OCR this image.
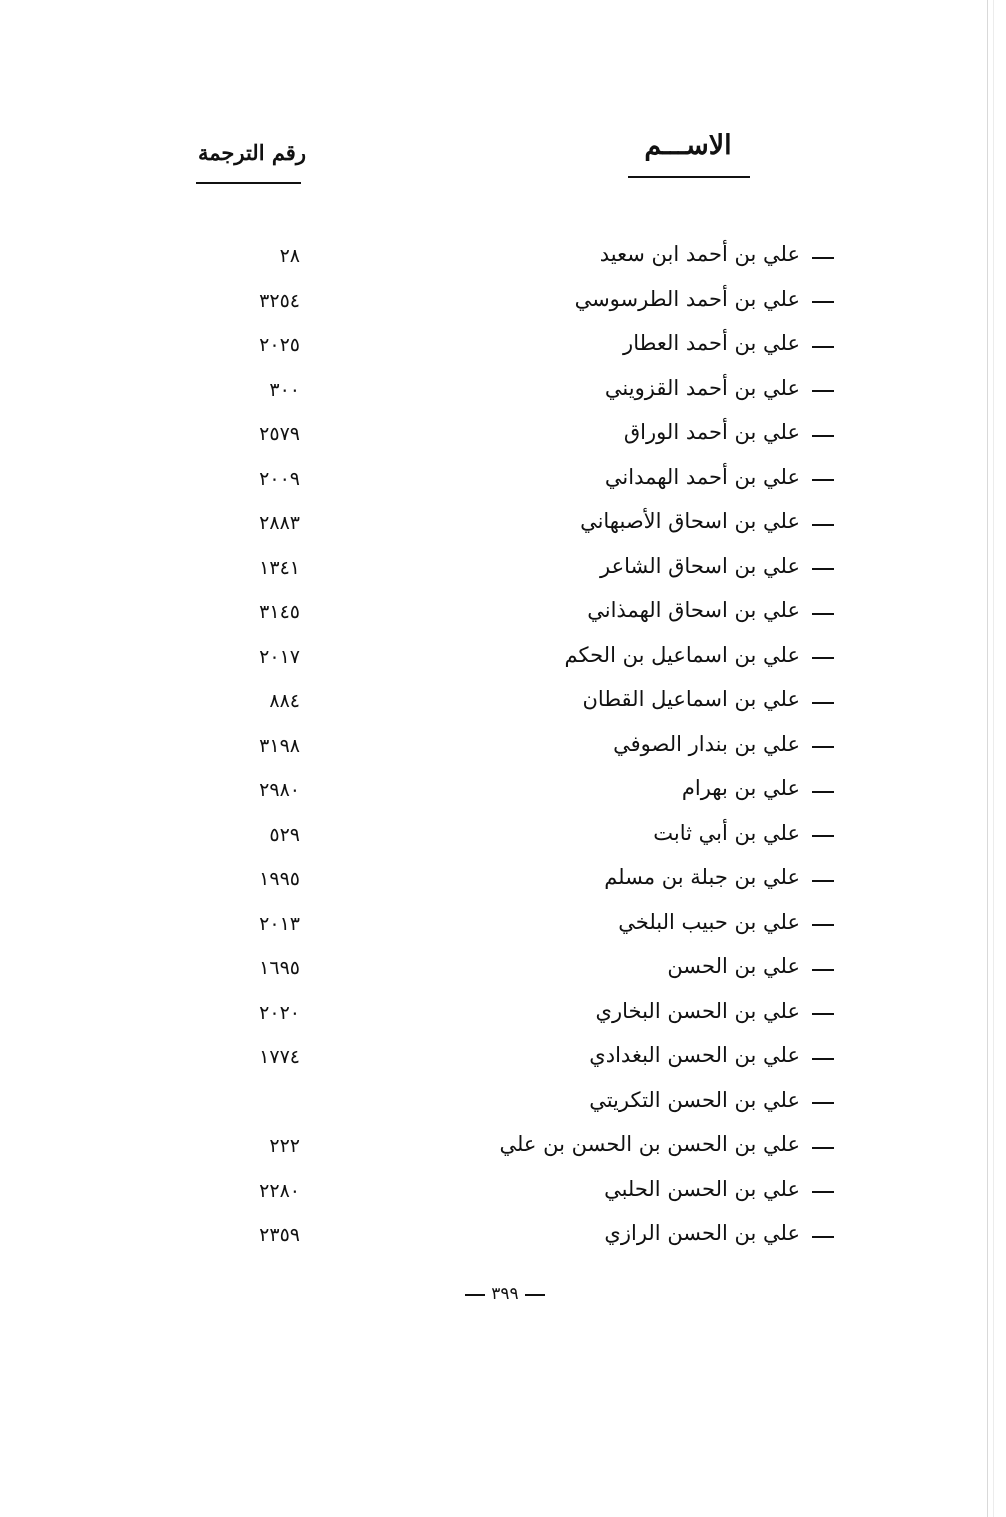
الاســـم
رقم الترجمة
علي بن أحمد ابن سعيد
٢٨
علي بن أحمد الطرسوسي
٣٢٥٤
علي بن أحمد العطار
٢٠٢٥
علي بن أحمد القزويني
٣٠٠
علي بن أحمد الوراق
٢٥٧٩
علي بن أحمد الهمداني
٢٠٠٩
علي بن اسحاق الأصبهاني
٢٨٨٣
علي بن اسحاق الشاعر
١٣٤١
علي بن اسحاق الهمذاني
٣١٤٥
علي بن اسماعيل بن الحكم
٢٠١٧
علي بن اسماعيل القطان
٨٨٤
علي بن بندار الصوفي
٣١٩٨
علي بن بهرام
٢٩٨٠
علي بن أبي ثابت
٥٢٩
علي بن جبلة بن مسلم
١٩٩٥
علي بن حبيب البلخي
٢٠١٣
علي بن الحسن
١٦٩٥
علي بن الحسن البخاري
٢٠٢٠
علي بن الحسن البغدادي
١٧٧٤
علي بن الحسن التكريتي
علي بن الحسن بن الحسن بن علي
٢٢٢
علي بن الحسن الحلبي
٢٢٨٠
علي بن الحسن الرازي
٢٣٥٩
٣٩٩
